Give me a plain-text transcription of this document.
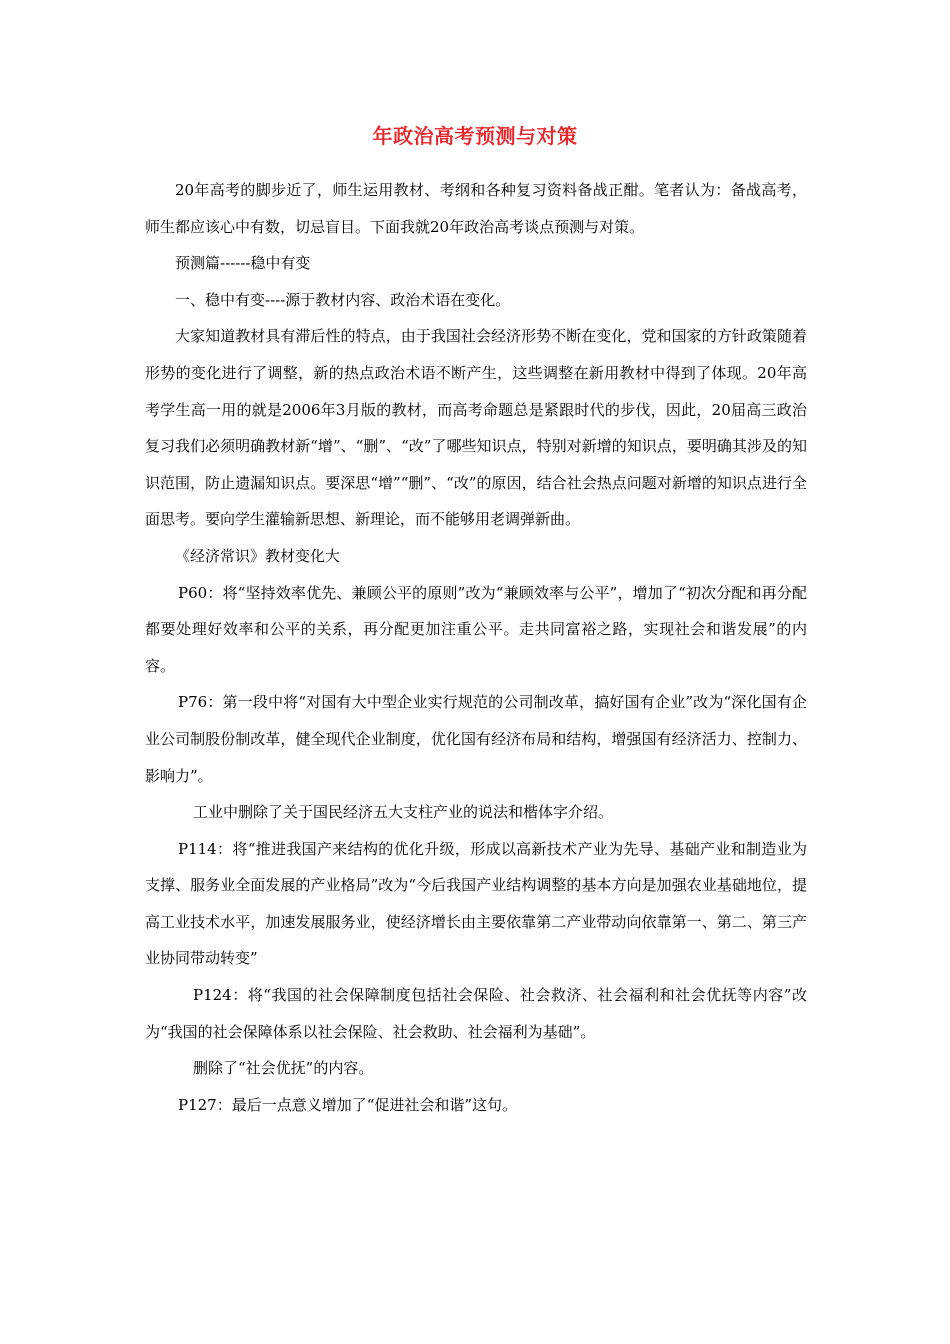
年政治高考预测与对策

20年高考的脚步近了，师生运用教材、考纲和各种复习资料备战正酣。笔者认为：备战高考，师生都应该心中有数，切忌盲目。下面我就20年政治高考谈点预测与对策。

预测篇------稳中有变

一、稳中有变----源于教材内容、政治术语在变化。

大家知道教材具有滞后性的特点，由于我国社会经济形势不断在变化，党和国家的方针政策随着形势的变化进行了调整，新的热点政治术语不断产生，这些调整在新用教材中得到了体现。20年高考学生高一用的就是2006年3月版的教材，而高考命题总是紧跟时代的步伐，因此，20届高三政治复习我们必须明确教材新“增”、“删”、“改”了哪些知识点，特别对新增的知识点，要明确其涉及的知识范围，防止遗漏知识点。要深思“增”“删”、“改”的原因，结合社会热点问题对新增的知识点进行全面思考。要向学生灌输新思想、新理论，而不能够用老调弹新曲。

《经济常识》教材变化大

P60：将“坚持效率优先、兼顾公平的原则”改为“兼顾效率与公平”，增加了“初次分配和再分配都要处理好效率和公平的关系，再分配更加注重公平。走共同富裕之路，实现社会和谐发展”的内容。

P76：第一段中将“对国有大中型企业实行规范的公司制改革，搞好国有企业”改为“深化国有企业公司制股份制改革，健全现代企业制度，优化国有经济布局和结构，增强国有经济活力、控制力、影响力”。

工业中删除了关于国民经济五大支柱产业的说法和楷体字介绍。

P114：将“推进我国产来结构的优化升级，形成以高新技术产业为先导、基础产业和制造业为支撑、服务业全面发展的产业格局”改为“今后我国产业结构调整的基本方向是加强农业基础地位，提高工业技术水平，加速发展服务业，使经济增长由主要依靠第二产业带动向依靠第一、第二、第三产业协同带动转变”

P124：将“我国的社会保障制度包括社会保险、社会救济、社会福利和社会优抚等内容”改为“我国的社会保障体系以社会保险、社会救助、社会福利为基础”。

删除了“社会优抚”的内容。

P127：最后一点意义增加了“促进社会和谐”这句。
